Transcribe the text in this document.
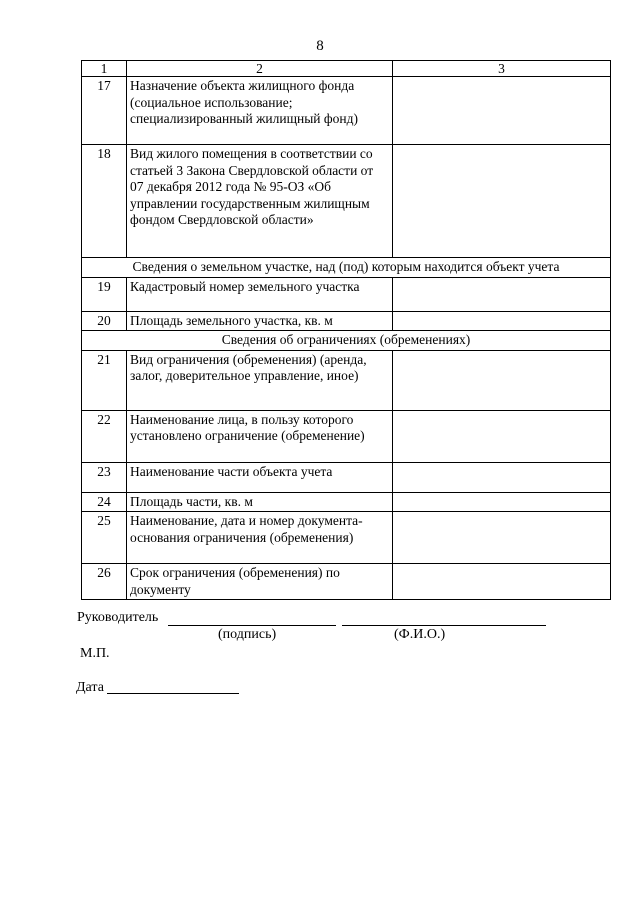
8
1	2	3
17	Назначение объекта жилищного фонда (социальное использование; специализированный жилищный фонд)	
18	Вид жилого помещения в соответствии со статьей 3 Закона Свердловской области от 07 декабря 2012 года № 95-ОЗ «Об управлении государственным жилищным фондом Свердловской области»	
Сведения о земельном участке, над (под) которым находится объект учета		
19	Кадастровый номер земельного участка	
20	Площадь земельного участка, кв. м	
Сведения об ограничениях (обременениях)		
21	Вид ограничения (обременения) (аренда, залог, доверительное управление, иное)	
22	Наименование лица, в пользу которого установлено ограничение (обременение)	
23	Наименование части объекта учета	
24	Площадь части, кв. м	
25	Наименование, дата и номер документа-основания ограничения (обременения)	
26	Срок ограничения (обременения) по документу	
Руководитель
(подпись)	(Ф.И.О.)
М.П.
Дата
